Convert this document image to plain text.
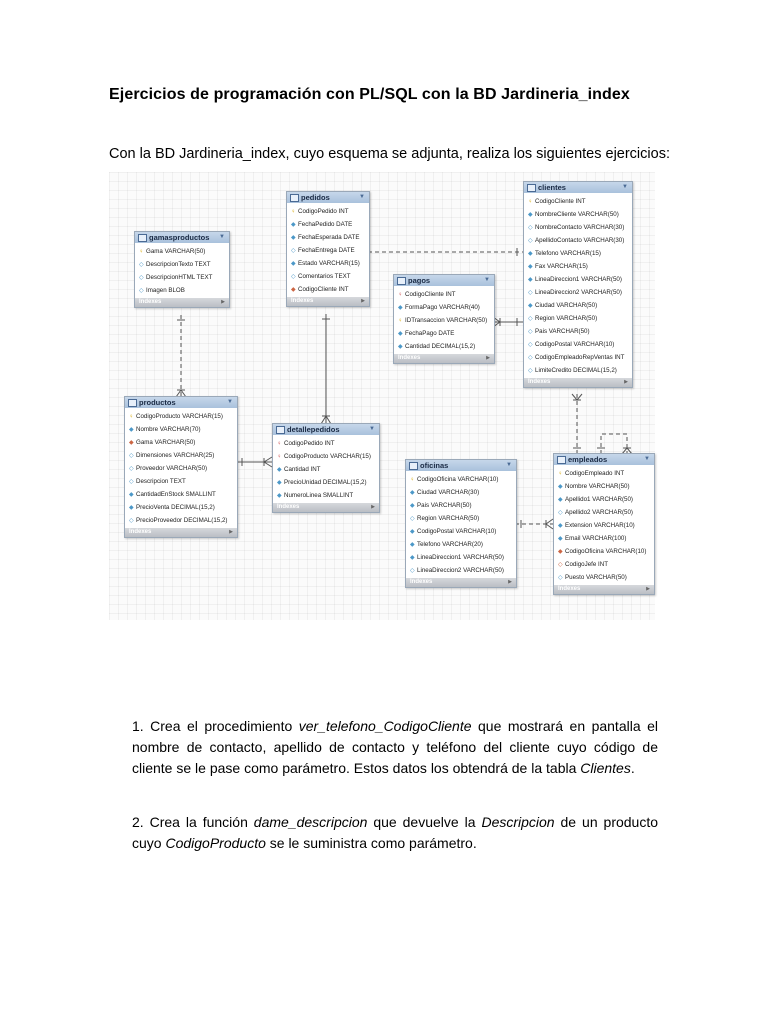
Ejercicios de programación con PL/SQL con la BD Jardineria_index
Con la BD Jardineria_index, cuyo esquema se adjunta, realiza los siguientes ejercicios:
gamasproductos ▼
♀ Gama VARCHAR(50)
◇ DescripcionTexto TEXT
◇ DescripcionHTML TEXT
◇ Imagen BLOB
Indexes ▶
pedidos ▼
♀ CodigoPedido INT
◆ FechaPedido DATE
◆ FechaEsperada DATE
◇ FechaEntrega DATE
◆ Estado VARCHAR(15)
◇ Comentarios TEXT
◆ CodigoCliente INT
Indexes ▶
clientes ▼
♀ CodigoCliente INT
◆ NombreCliente VARCHAR(50)
◇ NombreContacto VARCHAR(30)
◇ ApellidoContacto VARCHAR(30)
◆ Telefono VARCHAR(15)
◆ Fax VARCHAR(15)
◆ LineaDireccion1 VARCHAR(50)
◇ LineaDireccion2 VARCHAR(50)
◆ Ciudad VARCHAR(50)
◇ Region VARCHAR(50)
◇ Pais VARCHAR(50)
◇ CodigoPostal VARCHAR(10)
◇ CodigoEmpleadoRepVentas INT
◇ LimiteCredito DECIMAL(15,2)
Indexes ▶
pagos ▼
♀ CodigoCliente INT
◆ FormaPago VARCHAR(40)
♀ IDTransaccion VARCHAR(50)
◆ FechaPago DATE
◆ Cantidad DECIMAL(15,2)
Indexes ▶
productos ▼
♀ CodigoProducto VARCHAR(15)
◆ Nombre VARCHAR(70)
◆ Gama VARCHAR(50)
◇ Dimensiones VARCHAR(25)
◇ Proveedor VARCHAR(50)
◇ Descripcion TEXT
◆ CantidadEnStock SMALLINT
◆ PrecioVenta DECIMAL(15,2)
◇ PrecioProveedor DECIMAL(15,2)
Indexes ▶
detallepedidos ▼
♀ CodigoPedido INT
♀ CodigoProducto VARCHAR(15)
◆ Cantidad INT
◆ PrecioUnidad DECIMAL(15,2)
◆ NumeroLinea SMALLINT
Indexes ▶
oficinas ▼
♀ CodigoOficina VARCHAR(10)
◆ Ciudad VARCHAR(30)
◆ Pais VARCHAR(50)
◇ Region VARCHAR(50)
◆ CodigoPostal VARCHAR(10)
◆ Telefono VARCHAR(20)
◆ LineaDireccion1 VARCHAR(50)
◇ LineaDireccion2 VARCHAR(50)
Indexes ▶
empleados ▼
♀ CodigoEmpleado INT
◆ Nombre VARCHAR(50)
◆ Apellido1 VARCHAR(50)
◇ Apellido2 VARCHAR(50)
◆ Extension VARCHAR(10)
◆ Email VARCHAR(100)
◆ CodigoOficina VARCHAR(10)
◇ CodigoJefe INT
◇ Puesto VARCHAR(50)
Indexes ▶
1. Crea el procedimiento ver_telefono_CodigoCliente que mostrará en pantalla el nombre de contacto, apellido de contacto y teléfono del cliente cuyo código de cliente se le pase como parámetro. Estos datos los obtendrá de la tabla Clientes.
2. Crea la función dame_descripcion que devuelve la Descripcion de un producto cuyo CodigoProducto se le suministra como parámetro.
